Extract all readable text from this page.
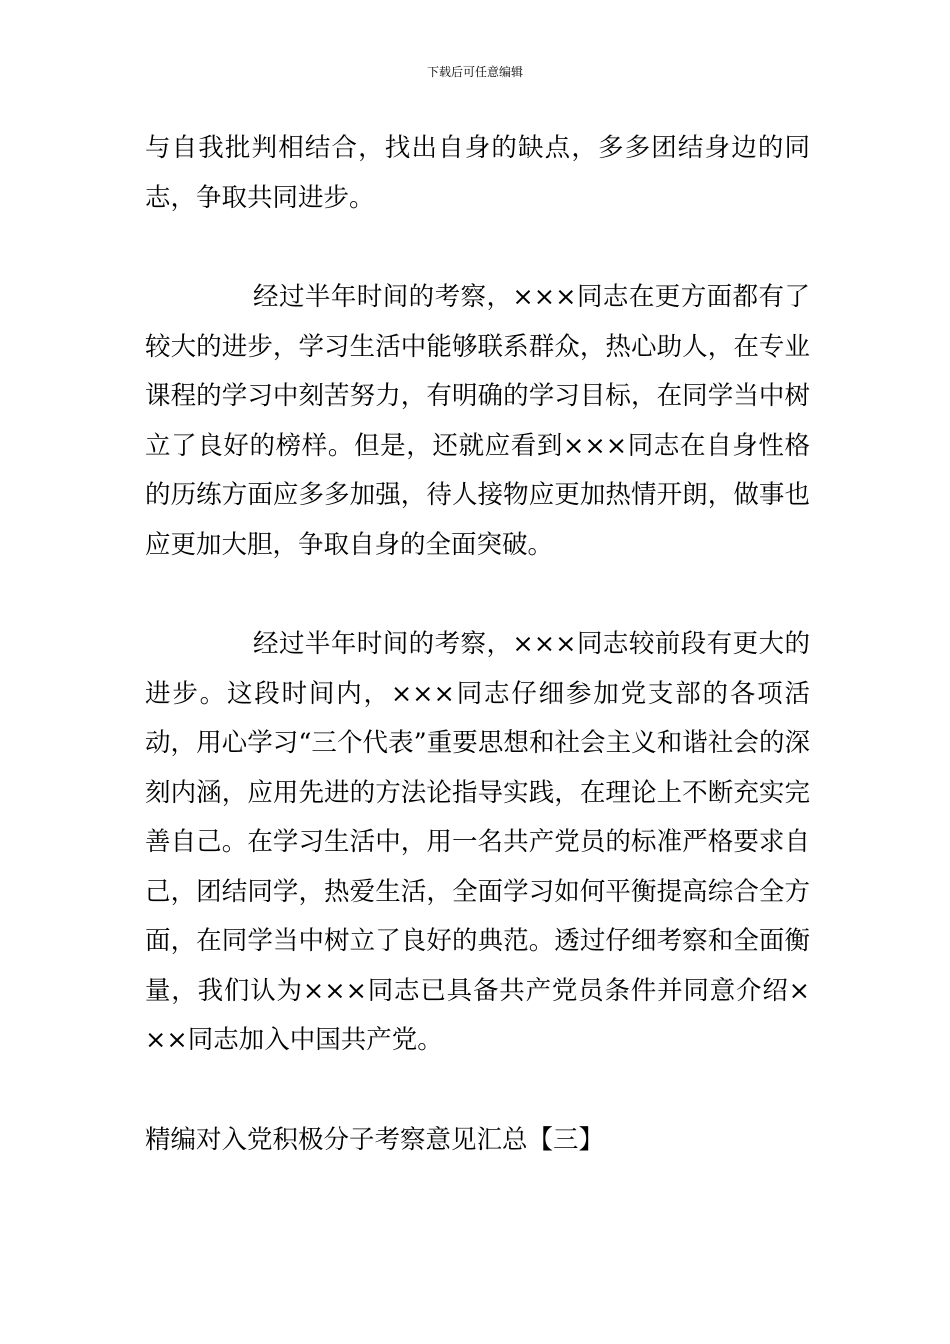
下载后可任意编辑

与自我批判相结合，找出自身的缺点，多多团结身边的同志，争取共同进步。

经过半年时间的考察，×××同志在更方面都有了较大的进步，学习生活中能够联系群众，热心助人，在专业课程的学习中刻苦努力，有明确的学习目标，在同学当中树立了良好的榜样。但是，还就应看到×××同志在自身性格的历练方面应多多加强，待人接物应更加热情开朗，做事也应更加大胆，争取自身的全面突破。

经过半年时间的考察，×××同志较前段有更大的进步。这段时间内，×××同志仔细参加党支部的各项活动，用心学习“三个代表”重要思想和社会主义和谐社会的深刻内涵，应用先进的方法论指导实践，在理论上不断充实完善自己。在学习生活中，用一名共产党员的标准严格要求自己，团结同学，热爱生活，全面学习如何平衡提高综合全方面，在同学当中树立了良好的典范。透过仔细考察和全面衡量，我们认为×××同志已具备共产党员条件并同意介绍×××同志加入中国共产党。

精编对入党积极分子考察意见汇总【三】
